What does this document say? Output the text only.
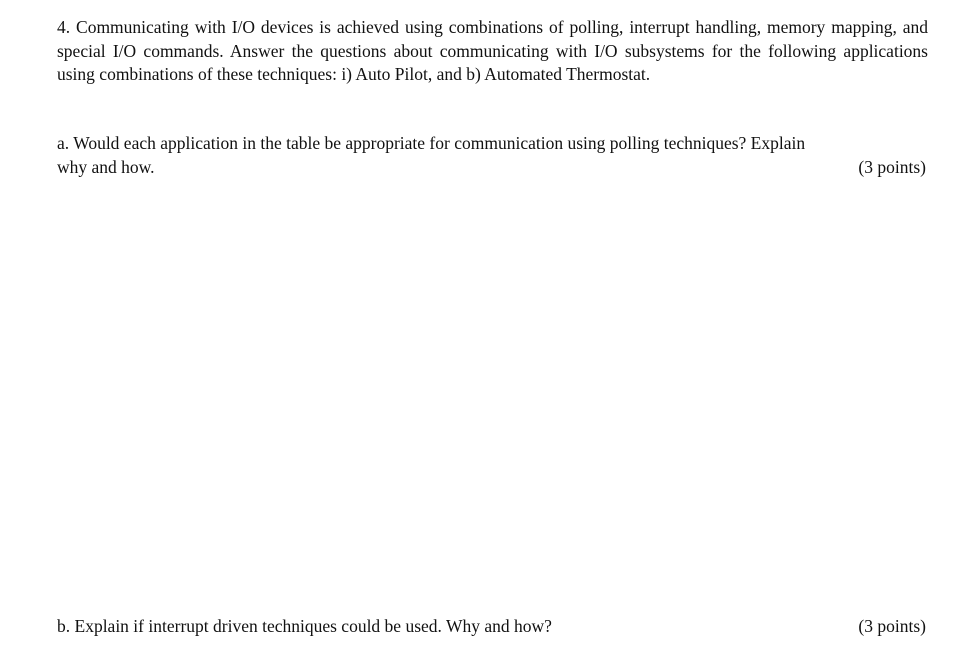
4. Communicating with I/O devices is achieved using combinations of polling, interrupt handling, memory mapping, and special I/O commands. Answer the questions about communicating with I/O subsystems for the following applications using combinations of these techniques: i) Auto Pilot, and b) Automated Thermostat.
a. Would each application in the table be appropriate for communication using polling techniques? Explain
why and how.	(3 points)
b. Explain if interrupt driven techniques could be used. Why and how?	(3 points)
